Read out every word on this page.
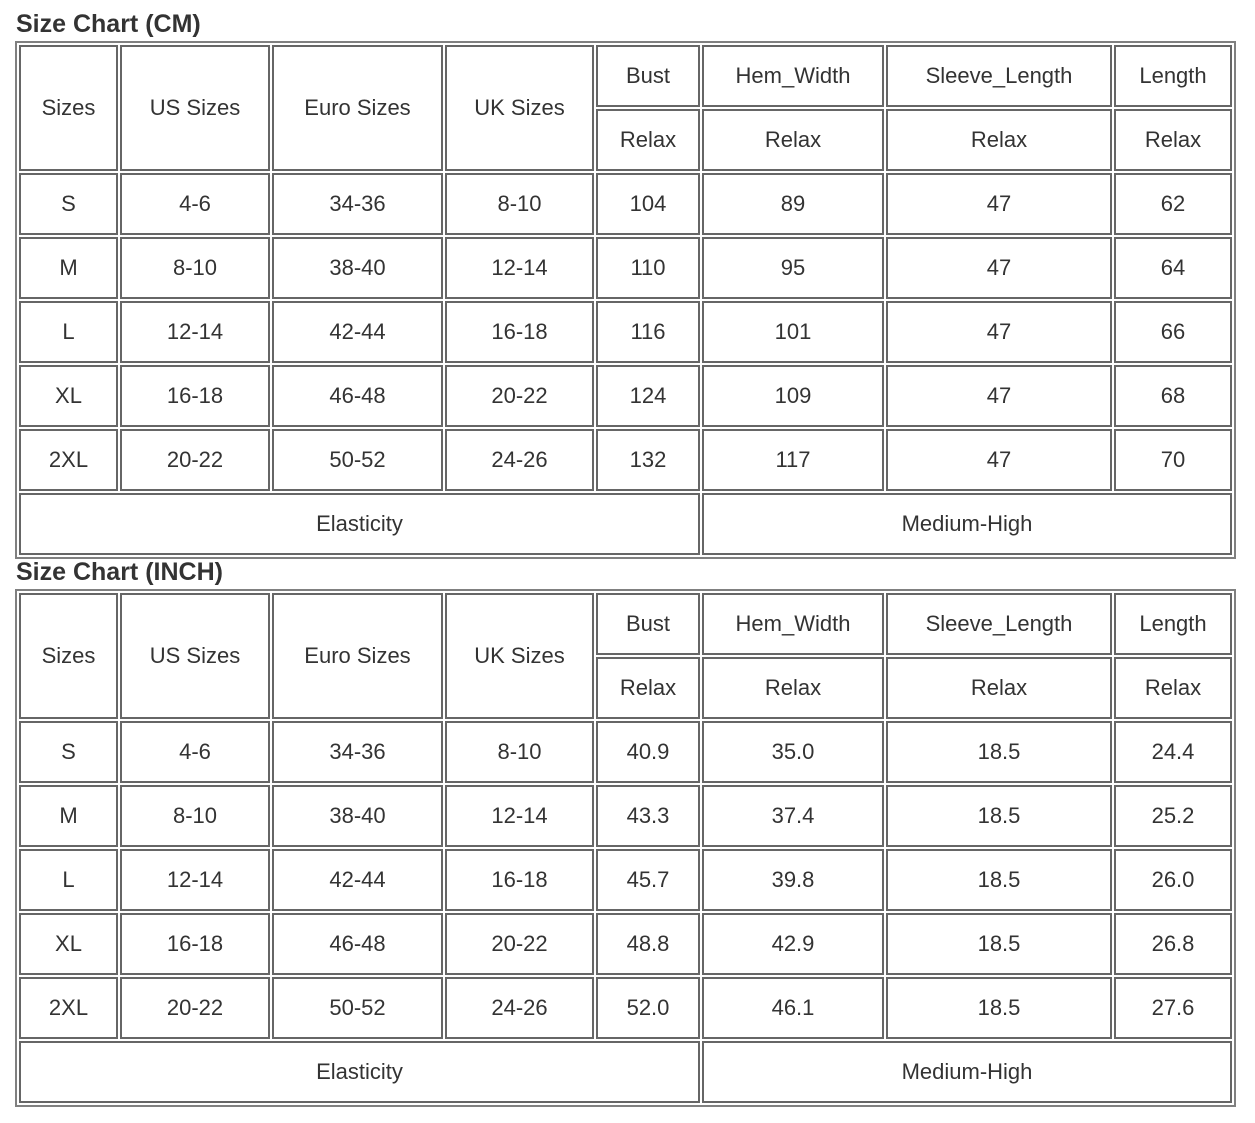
Size Chart (CM)
Sizes	US Sizes	Euro Sizes	UK Sizes	Bust	Hem_Width	Sleeve_Length	Length
				Relax	Relax	Relax	Relax
S	4-6	34-36	8-10	104	89	47	62
M	8-10	38-40	12-14	110	95	47	64
L	12-14	42-44	16-18	116	101	47	66
XL	16-18	46-48	20-22	124	109	47	68
2XL	20-22	50-52	24-26	132	117	47	70
Elasticity					Medium-High		
Size Chart (INCH)
Sizes	US Sizes	Euro Sizes	UK Sizes	Bust	Hem_Width	Sleeve_Length	Length
				Relax	Relax	Relax	Relax
S	4-6	34-36	8-10	40.9	35.0	18.5	24.4
M	8-10	38-40	12-14	43.3	37.4	18.5	25.2
L	12-14	42-44	16-18	45.7	39.8	18.5	26.0
XL	16-18	46-48	20-22	48.8	42.9	18.5	26.8
2XL	20-22	50-52	24-26	52.0	46.1	18.5	27.6
Elasticity					Medium-High		
